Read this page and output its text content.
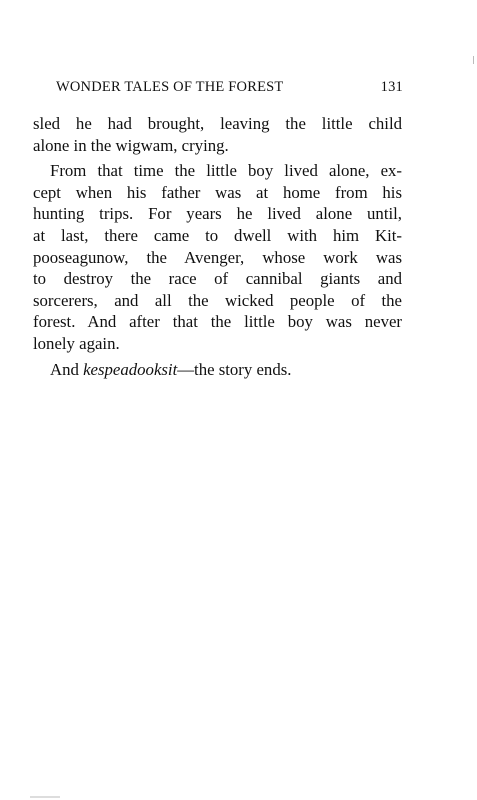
WONDER TALES OF THE FOREST	131
sled he had brought, leaving the little child
alone in the wigwam, crying.
From that time the little boy lived alone, ex-
cept when his father was at home from his
hunting trips. For years he lived alone until,
at last, there came to dwell with him Kit-
pooseagunow, the Avenger, whose work was
to destroy the race of cannibal giants and
sorcerers, and all the wicked people of the
forest. And after that the little boy was never
lonely again.
And kespeadooksit—the story ends.
